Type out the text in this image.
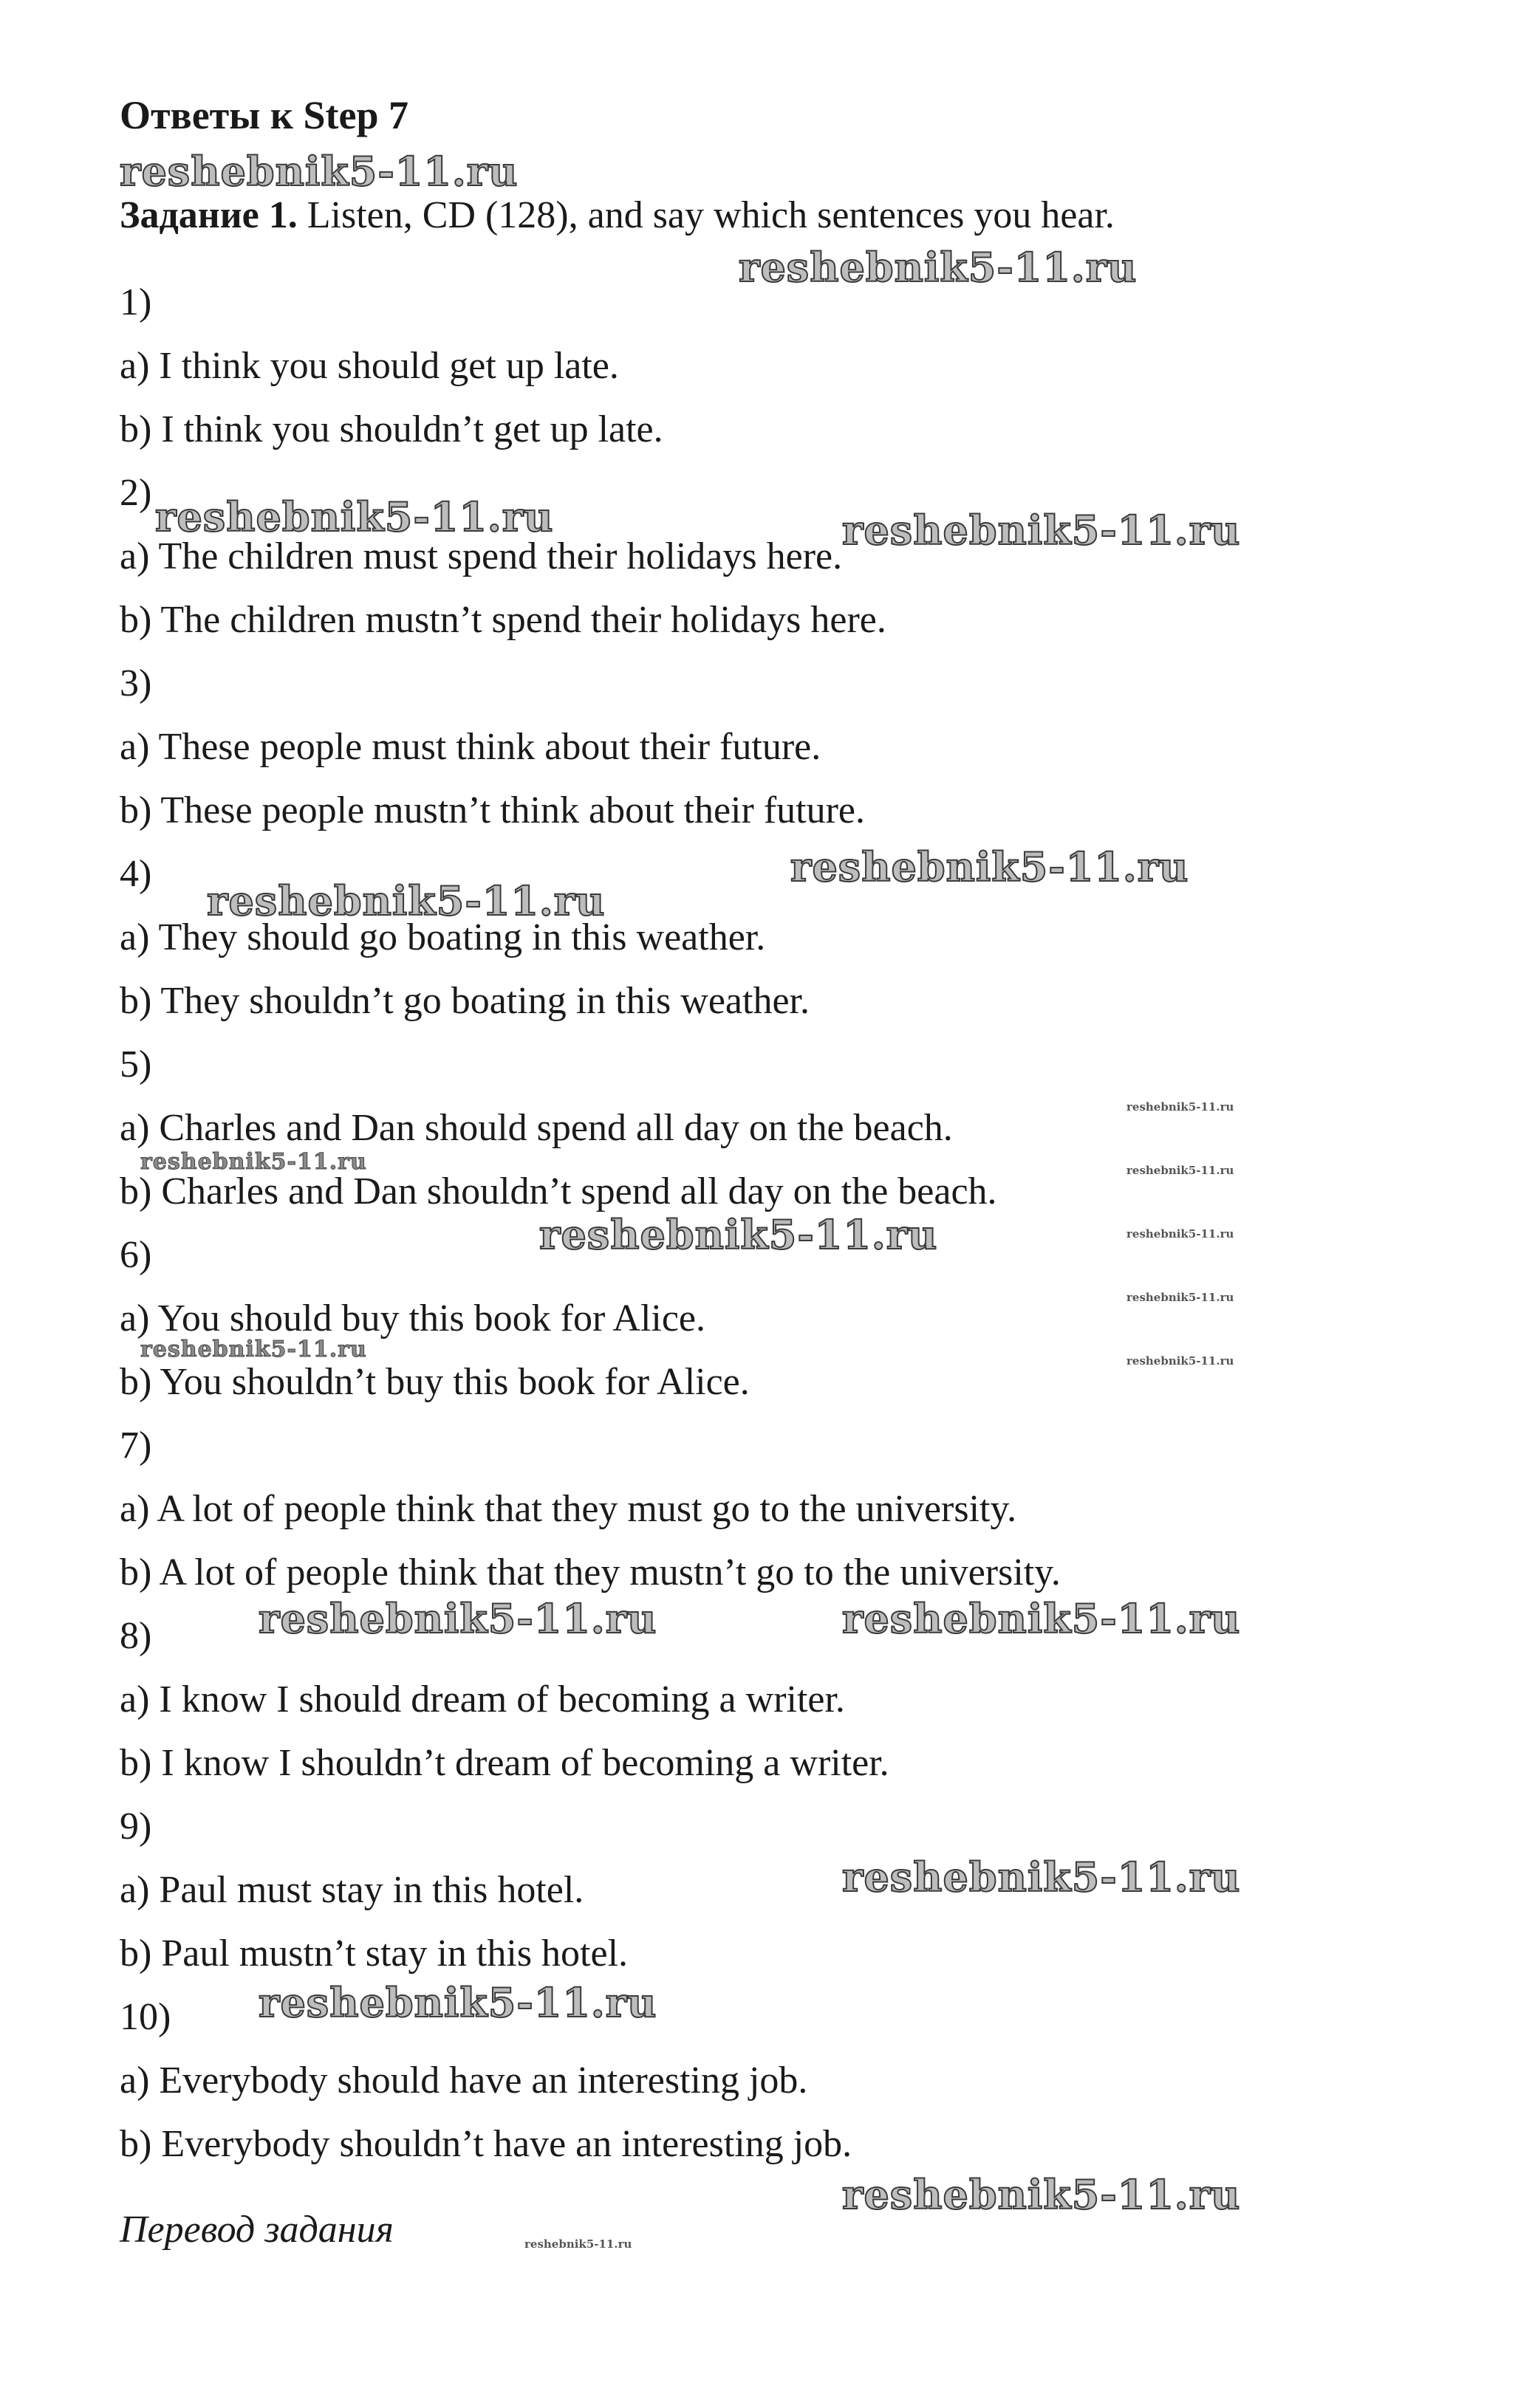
Ответы к Step 7
Задание 1. Listen, CD (128), and say which sentences you hear.
1)
a) I think you should get up late.
b) I think you shouldn’t get up late.
2)
a) The children must spend their holidays here.
b) The children mustn’t spend their holidays here.
3)
a) These people must think about their future.
b) These people mustn’t think about their future.
4)
a) They should go boating in this weather.
b) They shouldn’t go boating in this weather.
5)
a) Charles and Dan should spend all day on the beach.
b) Charles and Dan shouldn’t spend all day on the beach.
6)
a) You should buy this book for Alice.
b) You shouldn’t buy this book for Alice.
7)
a) A lot of people think that they must go to the university.
b) A lot of people think that they mustn’t go to the university.
8)
a) I know I should dream of becoming a writer.
b) I know I shouldn’t dream of becoming a writer.
9)
a) Paul must stay in this hotel.
b) Paul mustn’t stay in this hotel.
10)
a) Everybody should have an interesting job.
b) Everybody shouldn’t have an interesting job.
Перевод задания
reshebnik5-11.ru
reshebnik5-11.ru
reshebnik5-11.ru	reshebnik5-11.ru
reshebnik5-11.ru
reshebnik5-11.ru
reshebnik5-11.ru
reshebnik5-11.ru
reshebnik5-11.ru
reshebnik5-11.ru	reshebnik5-11.ru
reshebnik5-11.ru
reshebnik5-11.ru
reshebnik5-11.ru
reshebnik5-11.ru
reshebnik5-11.ru
reshebnik5-11.ru
reshebnik5-11.ru
reshebnik5-11.ru
reshebnik5-11.ru
